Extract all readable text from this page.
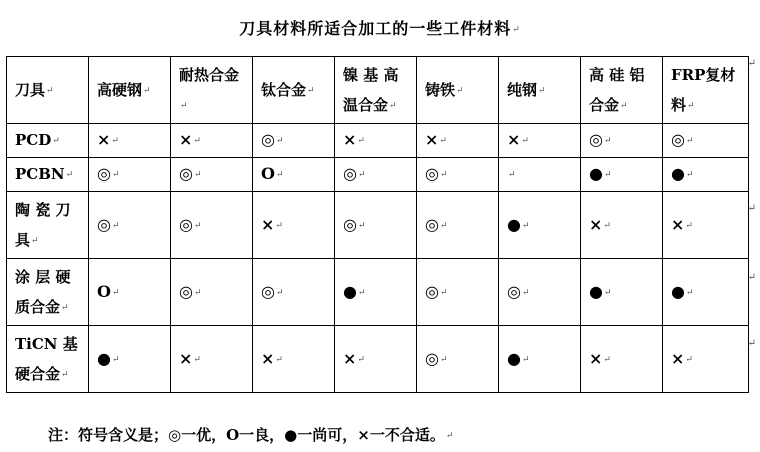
刀具材料所适合加工的一些工件材料↵
刀具↵	高硬钢↵	耐热合金↵	钛合金↵	镍 基 高温合金↵	铸铁↵	纯钢↵	高 硅 铝合金↵	FRP复材料↵
PCD↵	×↵	×↵	◎↵	×↵	×↵	×↵	◎↵	◎↵
PCBN↵	◎↵	◎↵	O↵	◎↵	◎↵	↵	●↵	●↵
陶 瓷 刀具↵	◎↵	◎↵	×↵	◎↵	◎↵	●↵	×↵	×↵
涂 层 硬质合金↵	O↵	◎↵	◎↵	●↵	◎↵	◎↵	●↵	●↵
TiCN 基硬合金↵	●↵	×↵	×↵	×↵	◎↵	●↵	×↵	×↵
↵
↵
↵
↵
注：符号含义是；◎一优，O一良，●一尚可，×一不合适。↵
